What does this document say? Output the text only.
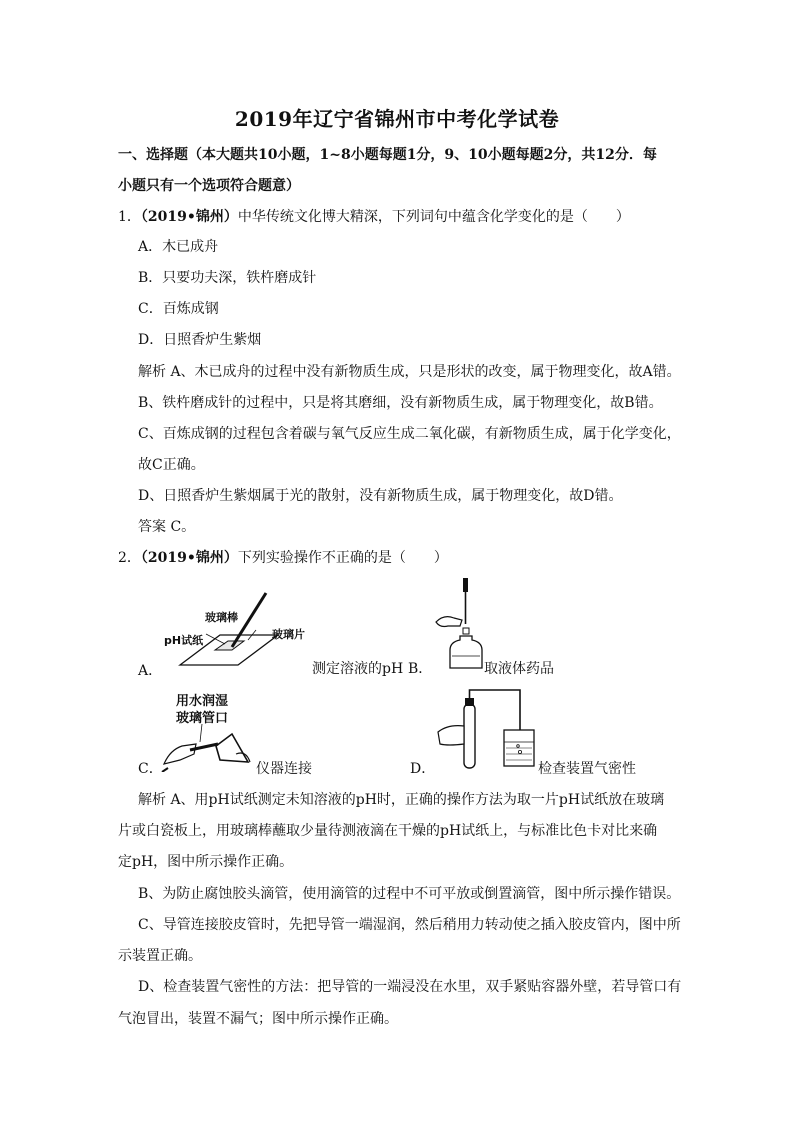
2019年辽宁省锦州市中考化学试卷
一、选择题（本大题共10小题，1~8小题每题1分，9、10小题每题2分，共12分．每
小题只有一个选项符合题意）
1．（2019•锦州）中华传统文化博大精深，下列词句中蕴含化学变化的是（　　）
A．木已成舟
B．只要功夫深，铁杵磨成针
C．百炼成钢
D．日照香炉生紫烟
解析 A、木已成舟的过程中没有新物质生成，只是形状的改变，属于物理变化，故A错。
B、铁杵磨成针的过程中，只是将其磨细，没有新物质生成，属于物理变化，故B错。
C、百炼成钢的过程包含着碳与氧气反应生成二氧化碳，有新物质生成，属于化学变化，
故C正确。
D、日照香炉生紫烟属于光的散射，没有新物质生成，属于物理变化，故D错。
答案 C。
2．（2019•锦州）下列实验操作不正确的是（　　）
A．
玻璃棒
pH试纸	玻璃片
测定溶液的pH B．	取液体药品
用水润湿
玻璃管口
C．	仪器连接	D．	检查装置气密性
解析 A、用pH试纸测定未知溶液的pH时，正确的操作方法为取一片pH试纸放在玻璃
片或白瓷板上，用玻璃棒蘸取少量待测液滴在干燥的pH试纸上，与标准比色卡对比来确
定pH，图中所示操作正确。
B、为防止腐蚀胶头滴管，使用滴管的过程中不可平放或倒置滴管，图中所示操作错误。
C、导管连接胶皮管时，先把导管一端湿润，然后稍用力转动使之插入胶皮管内，图中所
示装置正确。
D、检查装置气密性的方法：把导管的一端浸没在水里，双手紧贴容器外壁，若导管口有
气泡冒出，装置不漏气；图中所示操作正确。
